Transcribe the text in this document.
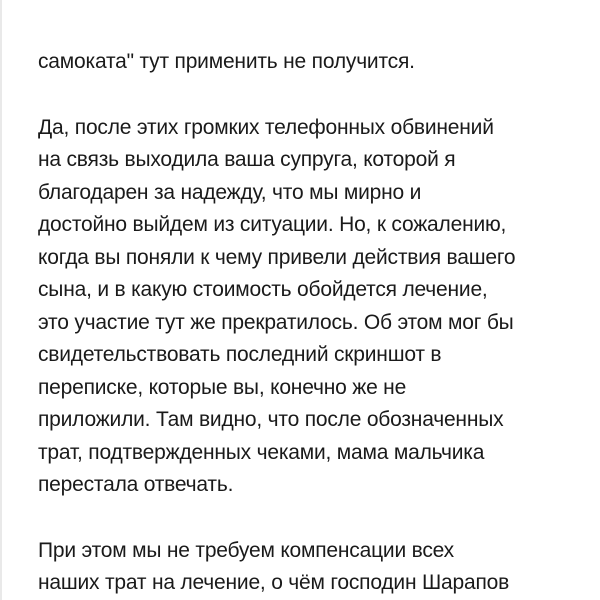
самоката" тут применить не получится.

Да, после этих громких телефонных обвинений
на связь выходила ваша супруга, которой я
благодарен за надежду, что мы мирно и
достойно выйдем из ситуации. Но, к сожалению,
когда вы поняли к чему привели действия вашего
сына, и в какую стоимость обойдется лечение,
это участие тут же прекратилось. Об этом мог бы
свидетельствовать последний скриншот в
переписке, которые вы, конечно же не
приложили. Там видно, что после обозначенных
трат, подтвержденных чеками, мама мальчика
перестала отвечать.

При этом мы не требуем компенсации всех
наших трат на лечение, о чём господин Шарапов
